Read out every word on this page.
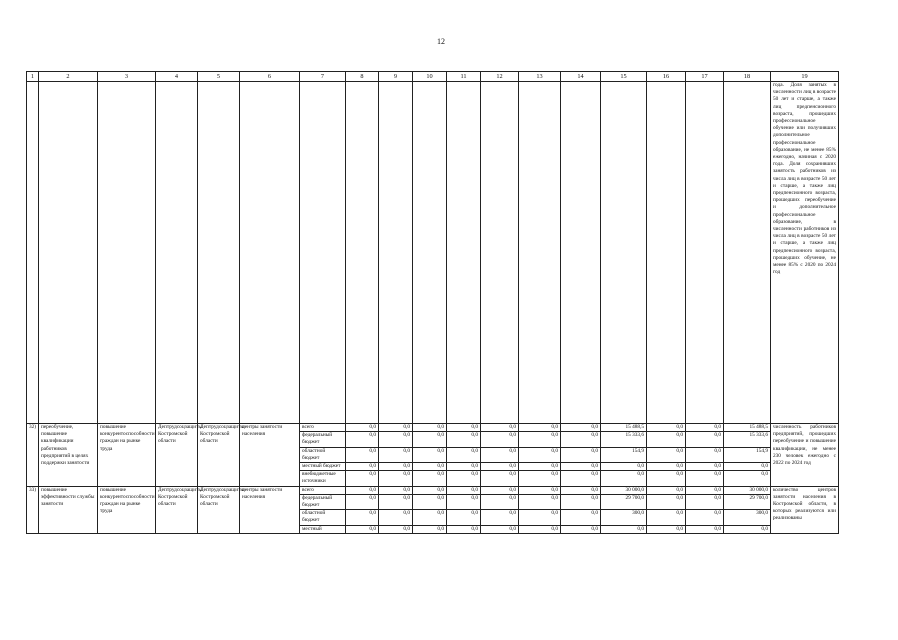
12
1	2	3	4	5	6	7	8	9	10	11	12	13	14	15	16	17	18	19
																		года. Доля занятых в численности лиц в возрасте 50 лет и старше, а также лиц предпенсионного возраста, прошедших профессиональное обучение или получивших дополнительное профессиональное образование, не менее 85% ежегодно, начиная с 2020 года. Доля сохранивших занятость работников из числа лиц в возрасте 50 лет и старше, а также лиц предпенсионного возраста, прошедших переобучение и дополнительное профессиональное образование, в численности работников из числа лиц в возрасте 50 лет и старше, а также лиц предпенсионного возраста, прошедших обучение, не менее 85% с 2020 по 2024 год
32)	переобучение, повышение квалификации работников предприятий в целях поддержки занятости	повышение конкурентоспособности граждан на рынке труда	Дептрудсоцзащиты Костромской области	Дептрудсоцзащиты Костромской области	центры занятости населения	всего	0,0	0,0	0,0	0,0	0,0	0,0	0,0	15 488,5	0,0	0,0	15 488,5	численность работников предприятий, прошедших переобучение и повышение квалификации, не менее 230 человек ежегодно с 2022 по 2024 год
						федеральный бюджет	0,0	0,0	0,0	0,0	0,0	0,0	0,0	15 333,6	0,0	0,0	15 333,6	
						областной бюджет	0,0	0,0	0,0	0,0	0,0	0,0	0,0	154,9	0,0	0,0	154,9	
						местный бюджет	0,0	0,0	0,0	0,0	0,0	0,0	0,0	0,0	0,0	0,0	0,0	
						внебюджетные источники	0,0	0,0	0,0	0,0	0,0	0,0	0,0	0,0	0,0	0,0	0,0	
33)	повышение эффективности службы занятости	повышение конкурентоспособности граждан на рынке труда	Дептрудсоцзащиты Костромской области	Дептрудсоцзащиты Костромской области	центры занятости населения	всего	0,0	0,0	0,0	0,0	0,0	0,0	0,0	30 000,0	0,0	0,0	30 000,0	количество центров занятости населения в Костромской области, в которых реализуются или реализованы
						федеральный бюджет	0,0	0,0	0,0	0,0	0,0	0,0	0,0	29 700,0	0,0	0,0	29 700,0	
						областной бюджет	0,0	0,0	0,0	0,0	0,0	0,0	0,0	300,0	0,0	0,0	300,0	
						местный	0,0	0,0	0,0	0,0	0,0	0,0	0,0	0,0	0,0	0,0	0,0	
